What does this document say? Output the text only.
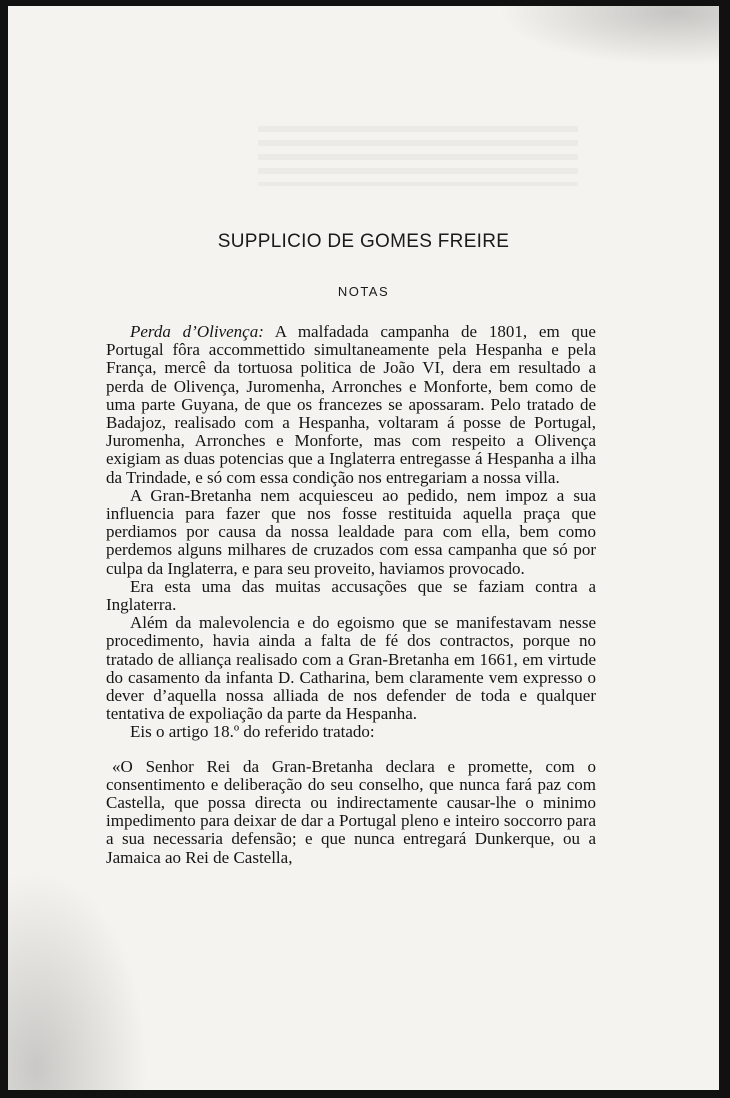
SUPPLICIO DE GOMES FREIRE
NOTAS

Perda d’Olivença: A malfadada campanha de 1801, em que Portugal fôra accommettido simultaneamente pela Hespanha e pela França, mercê da tortuosa politica de João VI, dera em resultado a perda de Olivença, Juromenha, Arronches e Monforte, bem como de uma parte Guyana, de que os francezes se apossaram. Pelo tratado de Badajoz, realisado com a Hespanha, voltaram á posse de Portugal, Juromenha, Arronches e Monforte, mas com respeito a Olivença exigiam as duas potencias que a Inglaterra entregasse á Hespanha a ilha da Trindade, e só com essa condição nos entregariam a nossa villa.

A Gran-Bretanha nem acquiesceu ao pedido, nem impoz a sua influencia para fazer que nos fosse restituida aquella praça que perdiamos por causa da nossa lealdade para com ella, bem como perdemos alguns milhares de cruzados com essa campanha que só por culpa da Inglaterra, e para seu proveito, haviamos provocado.

Era esta uma das muitas accusações que se faziam contra a Inglaterra.

Além da malevolencia e do egoismo que se manifestavam nesse procedimento, havia ainda a falta de fé dos contractos, porque no tratado de alliança realisado com a Gran-Bretanha em 1661, em virtude do casamento da infanta D. Catharina, bem claramente vem expresso o dever d’aquella nossa alliada de nos defender de toda e qualquer tentativa de expoliação da parte da Hespanha.

Eis o artigo 18.º do referido tratado:

«O Senhor Rei da Gran-Bretanha declara e promette, com o consentimento e deliberação do seu conselho, que nunca fará paz com Castella, que possa directa ou indirectamente causar-lhe o minimo impedimento para deixar de dar a Portugal pleno e inteiro soccorro para a sua necessaria defensão; e que nunca entregará Dunkerque, ou a Jamaica ao Rei de Castella,
